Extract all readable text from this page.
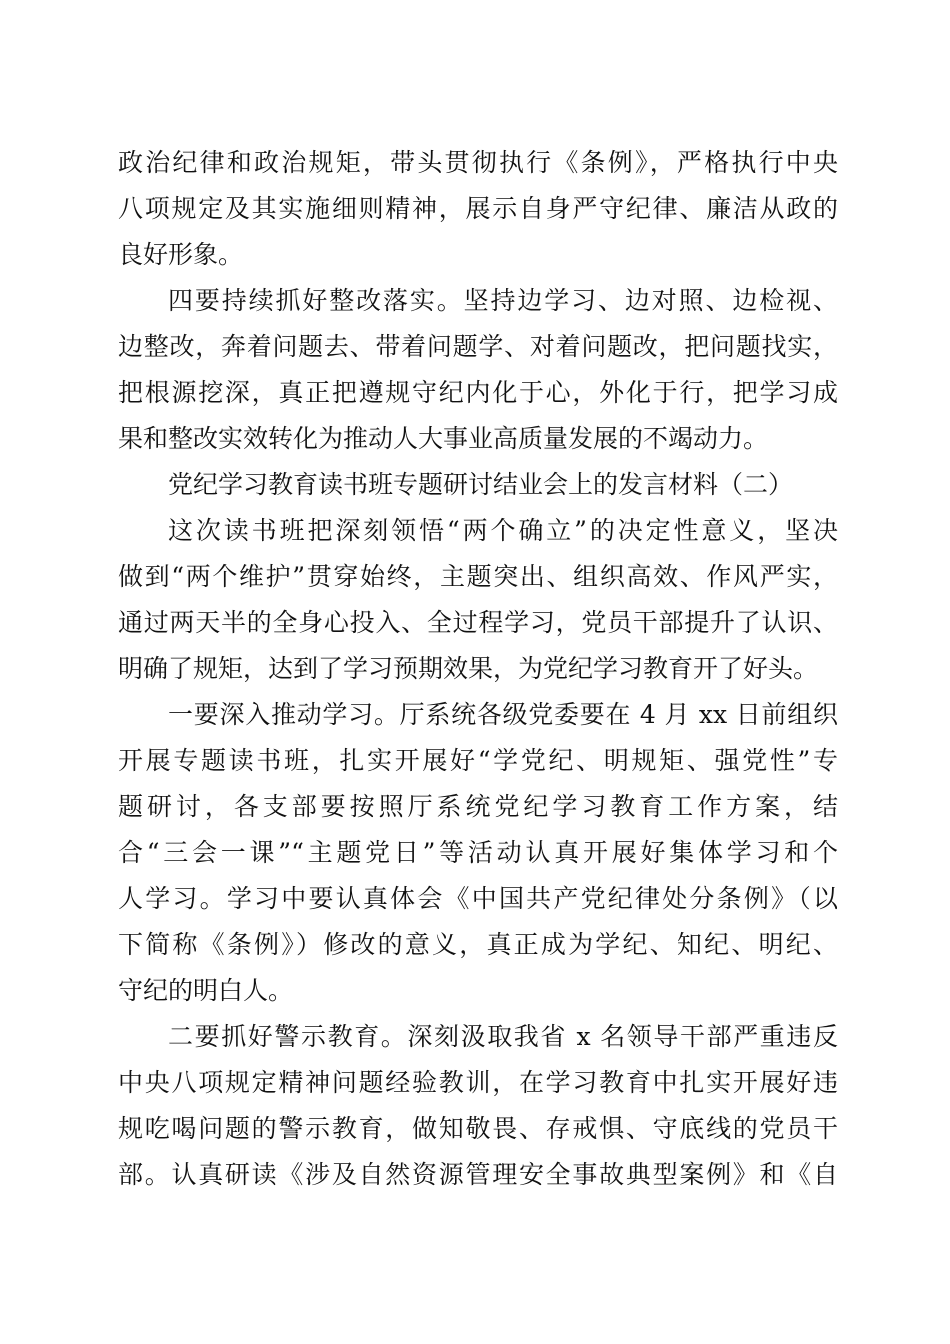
政治纪律和政治规矩，带头贯彻执行《条例》，严格执行中央
八项规定及其实施细则精神，展示自身严守纪律、廉洁从政的
良好形象。
四要持续抓好整改落实。坚持边学习、边对照、边检视、
边整改，奔着问题去、带着问题学、对着问题改，把问题找实，
把根源挖深，真正把遵规守纪内化于心，外化于行，把学习成
果和整改实效转化为推动人大事业高质量发展的不竭动力。
党纪学习教育读书班专题研讨结业会上的发言材料（二）
这次读书班把深刻领悟“两个确立”的决定性意义，坚决
做到“两个维护”贯穿始终，主题突出、组织高效、作风严实，
通过两天半的全身心投入、全过程学习，党员干部提升了认识、
明确了规矩，达到了学习预期效果，为党纪学习教育开了好头。
一要深入推动学习。厅系统各级党委要在 4 月 xx 日前组织
开展专题读书班，扎实开展好“学党纪、明规矩、强党性”专
题研讨，各支部要按照厅系统党纪学习教育工作方案，结
合“三会一课”“主题党日”等活动认真开展好集体学习和个
人学习。学习中要认真体会《中国共产党纪律处分条例》（以
下简称《条例》）修改的意义，真正成为学纪、知纪、明纪、
守纪的明白人。
二要抓好警示教育。深刻汲取我省 x 名领导干部严重违反
中央八项规定精神问题经验教训，在学习教育中扎实开展好违
规吃喝问题的警示教育，做知敬畏、存戒惧、守底线的党员干
部。认真研读《涉及自然资源管理安全事故典型案例》和《自
